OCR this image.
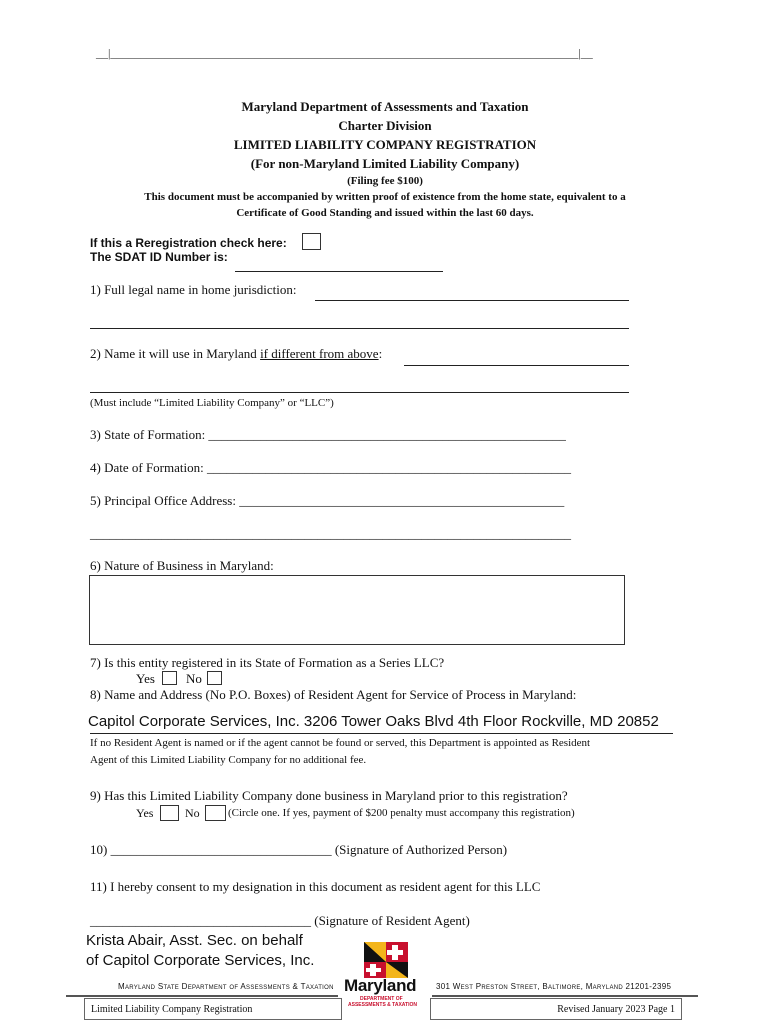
__|______________________________________________________________________________|__
Maryland Department of Assessments and Taxation
Charter Division
LIMITED LIABILITY COMPANY REGISTRATION
(For non-Maryland Limited Liability Company)
(Filing fee $100)
This document must be accompanied by written proof of existence from the home state, equivalent to a
Certificate of Good Standing and issued within the last 60 days.
If this a Reregistration check here:
The SDAT ID Number is:
1) Full legal name in home jurisdiction:
2) Name it will use in Maryland if different from above:
(Must include “Limited Liability Company” or “LLC”)
3) State of Formation: _______________________________________________________
4) Date of Formation: ________________________________________________________
5) Principal Office Address: __________________________________________________
__________________________________________________________________________
6) Nature of Business in Maryland:
7) Is this entity registered in its State of Formation as a Series LLC?
Yes No
8) Name and Address (No P.O. Boxes) of Resident Agent for Service of Process in Maryland:
Capitol Corporate Services, Inc. 3206 Tower Oaks Blvd 4th Floor Rockville, MD 20852
If no Resident Agent is named or if the agent cannot be found or served, this Department is appointed as Resident
Agent of this Limited Liability Company for no additional fee.
9) Has this Limited Liability Company done business in Maryland prior to this registration?
Yes	No	(Circle one. If yes, payment of $200 penalty must accompany this registration)
10) __________________________________ (Signature of Authorized Person)
11) I hereby consent to my designation in this document as resident agent for this LLC
__________________________________ (Signature of Resident Agent)
Krista Abair, Asst. Sec. on behalf
of Capitol Corporate Services, Inc.
Maryland State Department of Assessments & Taxation	301 West Preston Street, Baltimore, Maryland 21201-2395
Maryland
DEPARTMENT OF
ASSESSMENTS & TAXATION
Limited Liability Company Registration	Revised January 2023 Page 1
